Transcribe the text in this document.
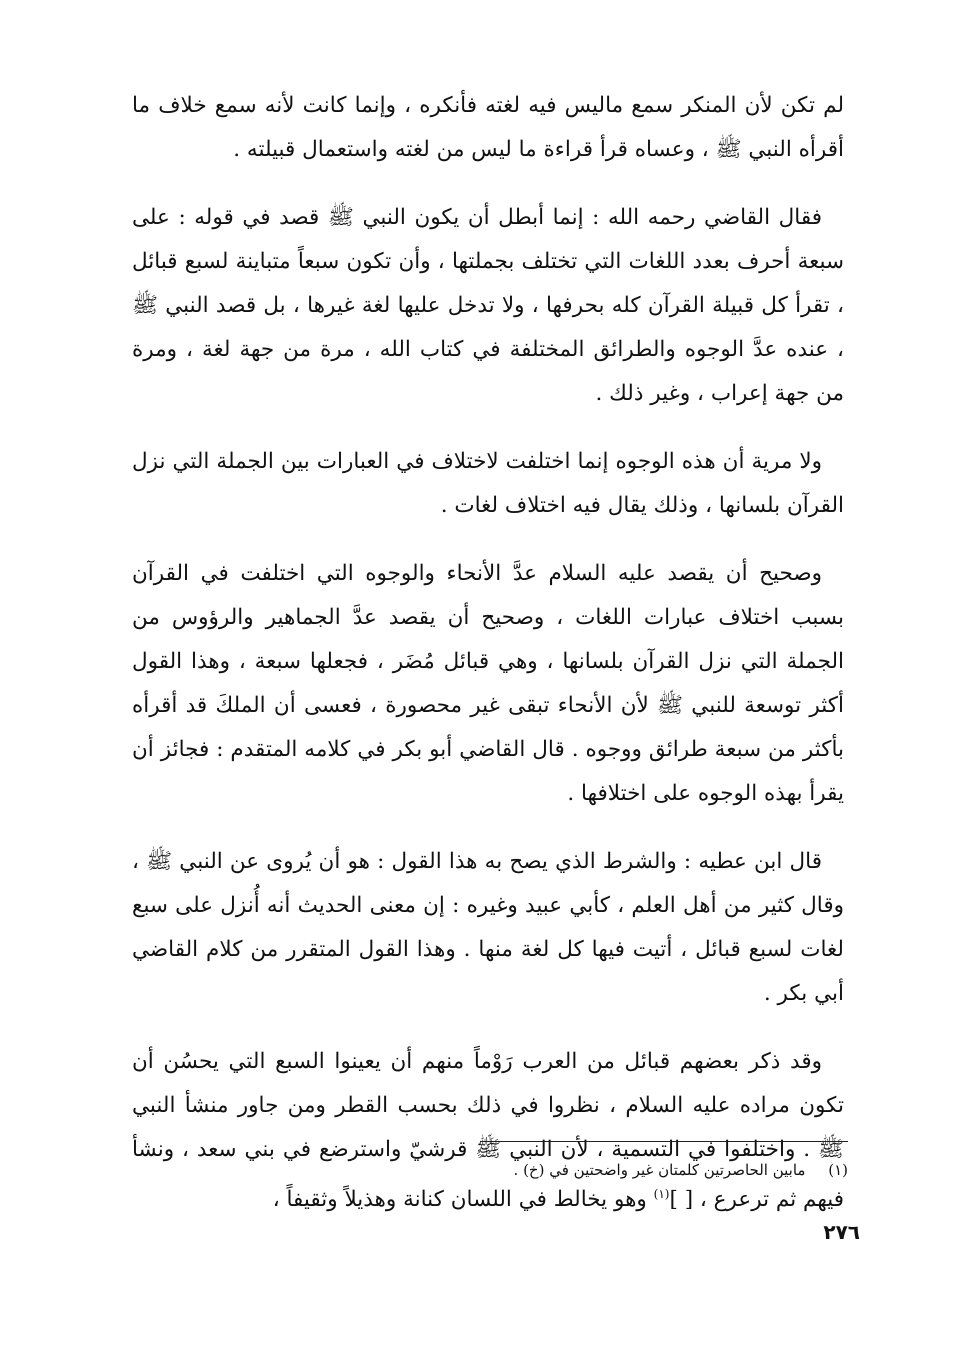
لم تكن لأن المنكر سمع ماليس فيه لغته فأنكره ، وإنما كانت لأنه سمع خلاف ما أقرأه النبي ﷺ ، وعساه قرأ قراءة ما ليس من لغته واستعمال قبيلته .

فقال القاضي رحمه الله : إنما أبطل أن يكون النبي ﷺ قصد في قوله : على سبعة أحرف بعدد اللغات التي تختلف بجملتها ، وأن تكون سبعاً متباينة لسبع قبائل ، تقرأ كل قبيلة القرآن كله بحرفها ، ولا تدخل عليها لغة غيرها ، بل قصد النبي ﷺ ، عنده عدَّ الوجوه والطرائق المختلفة في كتاب الله ، مرة من جهة لغة ، ومرة من جهة إعراب ، وغير ذلك .

ولا مرية أن هذه الوجوه إنما اختلفت لاختلاف في العبارات بين الجملة التي نزل القرآن بلسانها ، وذلك يقال فيه اختلاف لغات .

وصحيح أن يقصد عليه السلام عدَّ الأنحاء والوجوه التي اختلفت في القرآن بسبب اختلاف عبارات اللغات ، وصحيح أن يقصد عدَّ الجماهير والرؤوس من الجملة التي نزل القرآن بلسانها ، وهي قبائل مُضَر ، فجعلها سبعة ، وهذا القول أكثر توسعة للنبي ﷺ لأن الأنحاء تبقى غير محصورة ، فعسى أن الملكَ قد أقرأه بأكثر من سبعة طرائق ووجوه . قال القاضي أبو بكر في كلامه المتقدم : فجائز أن يقرأ بهذه الوجوه على اختلافها .

قال ابن عطيه : والشرط الذي يصح به هذا القول : هو أن يُروى عن النبي ﷺ ، وقال كثير من أهل العلم ، كأبي عبيد وغيره : إن معنى الحديث أنه أُنزل على سبع لغات لسبع قبائل ، أتيت فيها كل لغة منها . وهذا القول المتقرر من كلام القاضي أبي بكر .

وقد ذكر بعضهم قبائل من العرب رَوْماً منهم أن يعينوا السبع التي يحسُن أن تكون مراده عليه السلام ، نظروا في ذلك بحسب القطر ومن جاور منشأ النبي ﷺ . واختلفوا في التسمية ، لأن النبي ﷺ قرشيّ واسترضع في بني سعد ، ونشأ فيهم ثم ترعرع ، [ ]$^{(١)}$ وهو يخالط في اللسان كنانة وهذيلاً وثقيفاً ،

(١) مابين الحاصرتين كلمتان غير واضحتين في (خ) .
٢٧٦
